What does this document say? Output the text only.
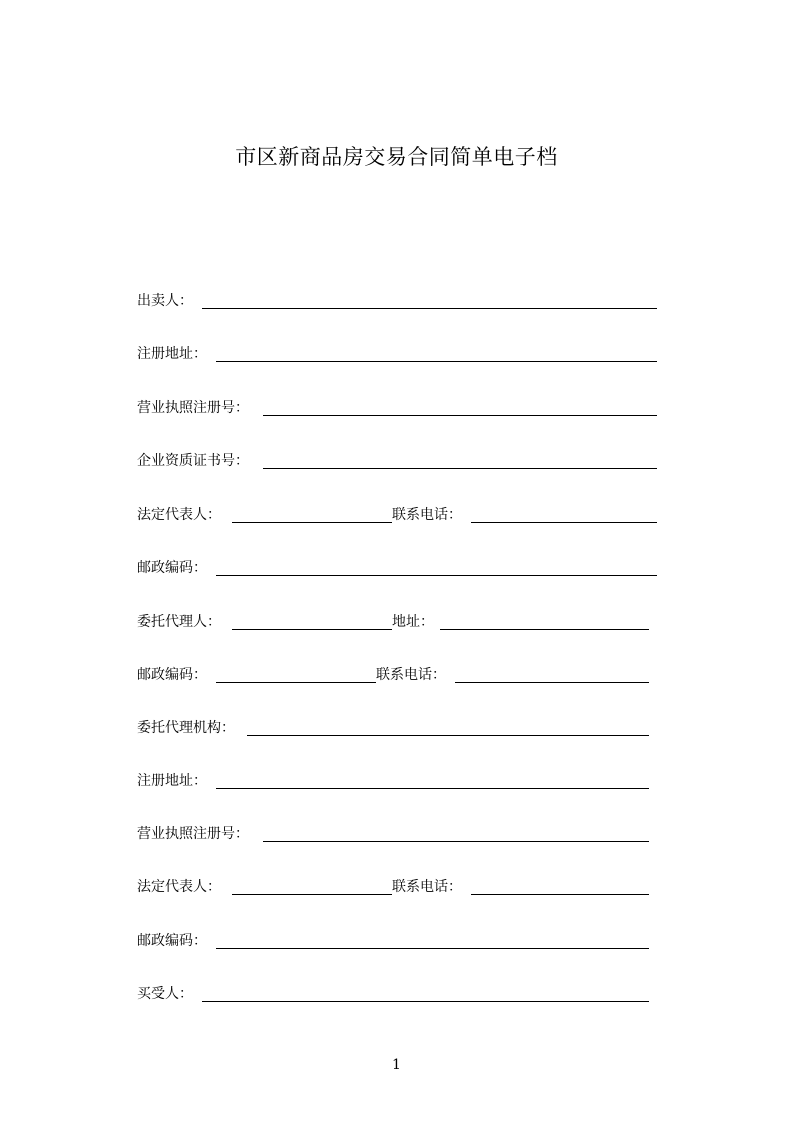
市区新商品房交易合同简单电子档
出卖人：
注册地址：
营业执照注册号：
企业资质证书号：
法定代表人：	联系电话：
邮政编码：
委托代理人：	地址：
邮政编码：	联系电话：
委托代理机构：
注册地址：
营业执照注册号：
法定代表人：	联系电话：
邮政编码：
买受人：
1
